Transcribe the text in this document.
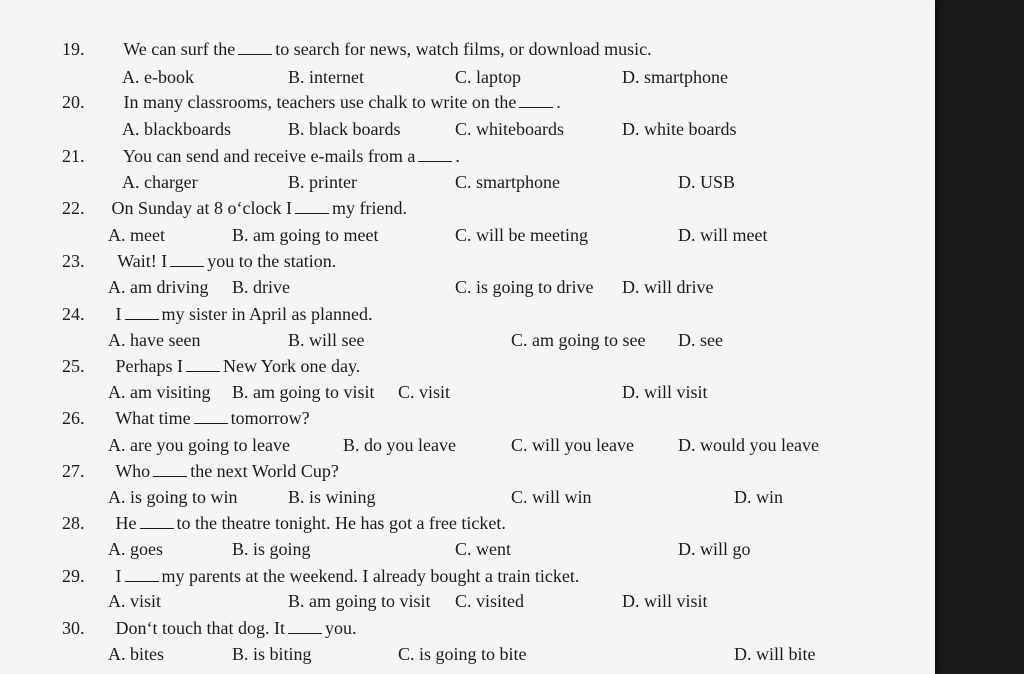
19. We can surf the to search for news, watch films, or download music.
A. e-book	B. internet	C. laptop	D. smartphone
20. In many classrooms, teachers use chalk to write on the .
A. blackboards	B. black boards	C. whiteboards	D. white boards
21. You can send and receive e-mails from a .
A. charger	B. printer	C. smartphone	D. USB
22. On Sunday at 8 o‘clock I my friend.
A. meet	B. am going to meet	C. will be meeting	D. will meet
23. Wait! I you to the station.
A. am driving B. drive	C. is going to drive D. will drive
24. I my sister in April as planned.
A. have seen	B. will see	C. am going to see D. see
25. Perhaps I New York one day.
A. am visiting B. am going to visit C. visit	D. will visit
26. What time tomorrow?
A. are you going to leave	B. do you leave	C. will you leave D. would you leave
27. Who the next World Cup?
A. is going to win	B. is wining	C. will win	D. win
28. He to the theatre tonight. He has got a free ticket.
A. goes	B. is going	C. went	D. will go
29. I my parents at the weekend. I already bought a train ticket.
A. visit	B. am going to visit C. visited	D. will visit
30. Don‘t touch that dog. It you.
A. bites	B. is biting	C. is going to bite	D. will bite
